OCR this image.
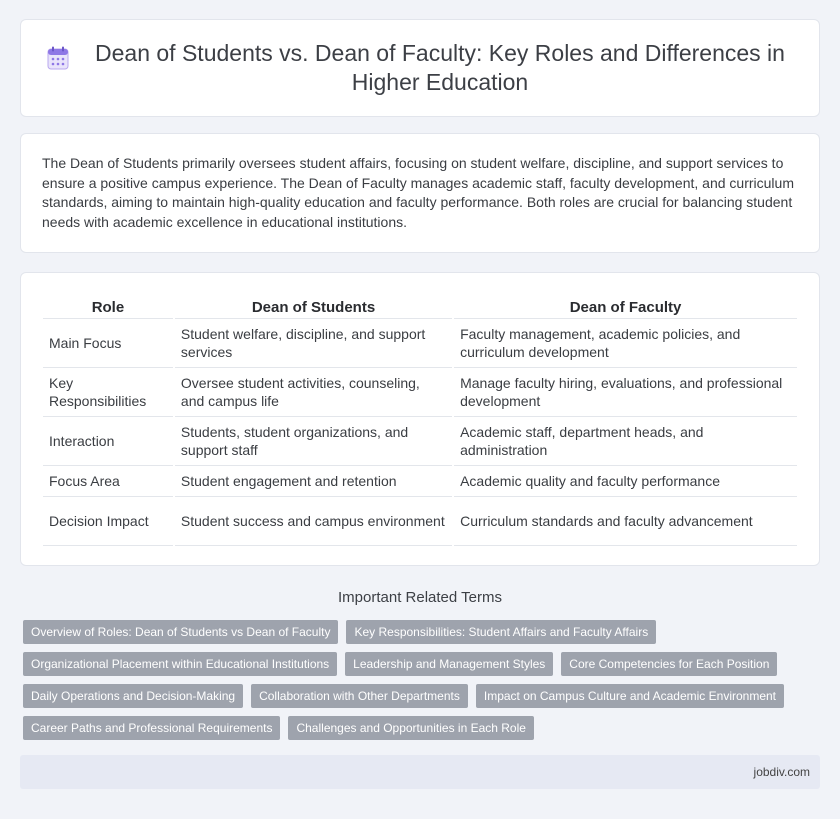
Dean of Students vs. Dean of Faculty: Key Roles and Differences in Higher Education

The Dean of Students primarily oversees student affairs, focusing on student welfare, discipline, and support services to ensure a positive campus experience. The Dean of Faculty manages academic staff, faculty development, and curriculum standards, aiming to maintain high-quality education and faculty performance. Both roles are crucial for balancing student needs with academic excellence in educational institutions.

Role	Dean of Students	Dean of Faculty
Main Focus	Student welfare, discipline, and support services	Faculty management, academic policies, and curriculum development
Key Responsibilities	Oversee student activities, counseling, and campus life	Manage faculty hiring, evaluations, and professional development
Interaction	Students, student organizations, and support staff	Academic staff, department heads, and administration
Focus Area	Student engagement and retention	Academic quality and faculty performance
Decision Impact	Student success and campus environment	Curriculum standards and faculty advancement
Important Related Terms
Overview of Roles: Dean of Students vs Dean of Faculty	Key Responsibilities: Student Affairs and Faculty Affairs
Organizational Placement within Educational Institutions	Leadership and Management Styles	Core Competencies for Each Position
Daily Operations and Decision-Making	Collaboration with Other Departments	Impact on Campus Culture and Academic Environment
Career Paths and Professional Requirements	Challenges and Opportunities in Each Role
jobdiv.com
